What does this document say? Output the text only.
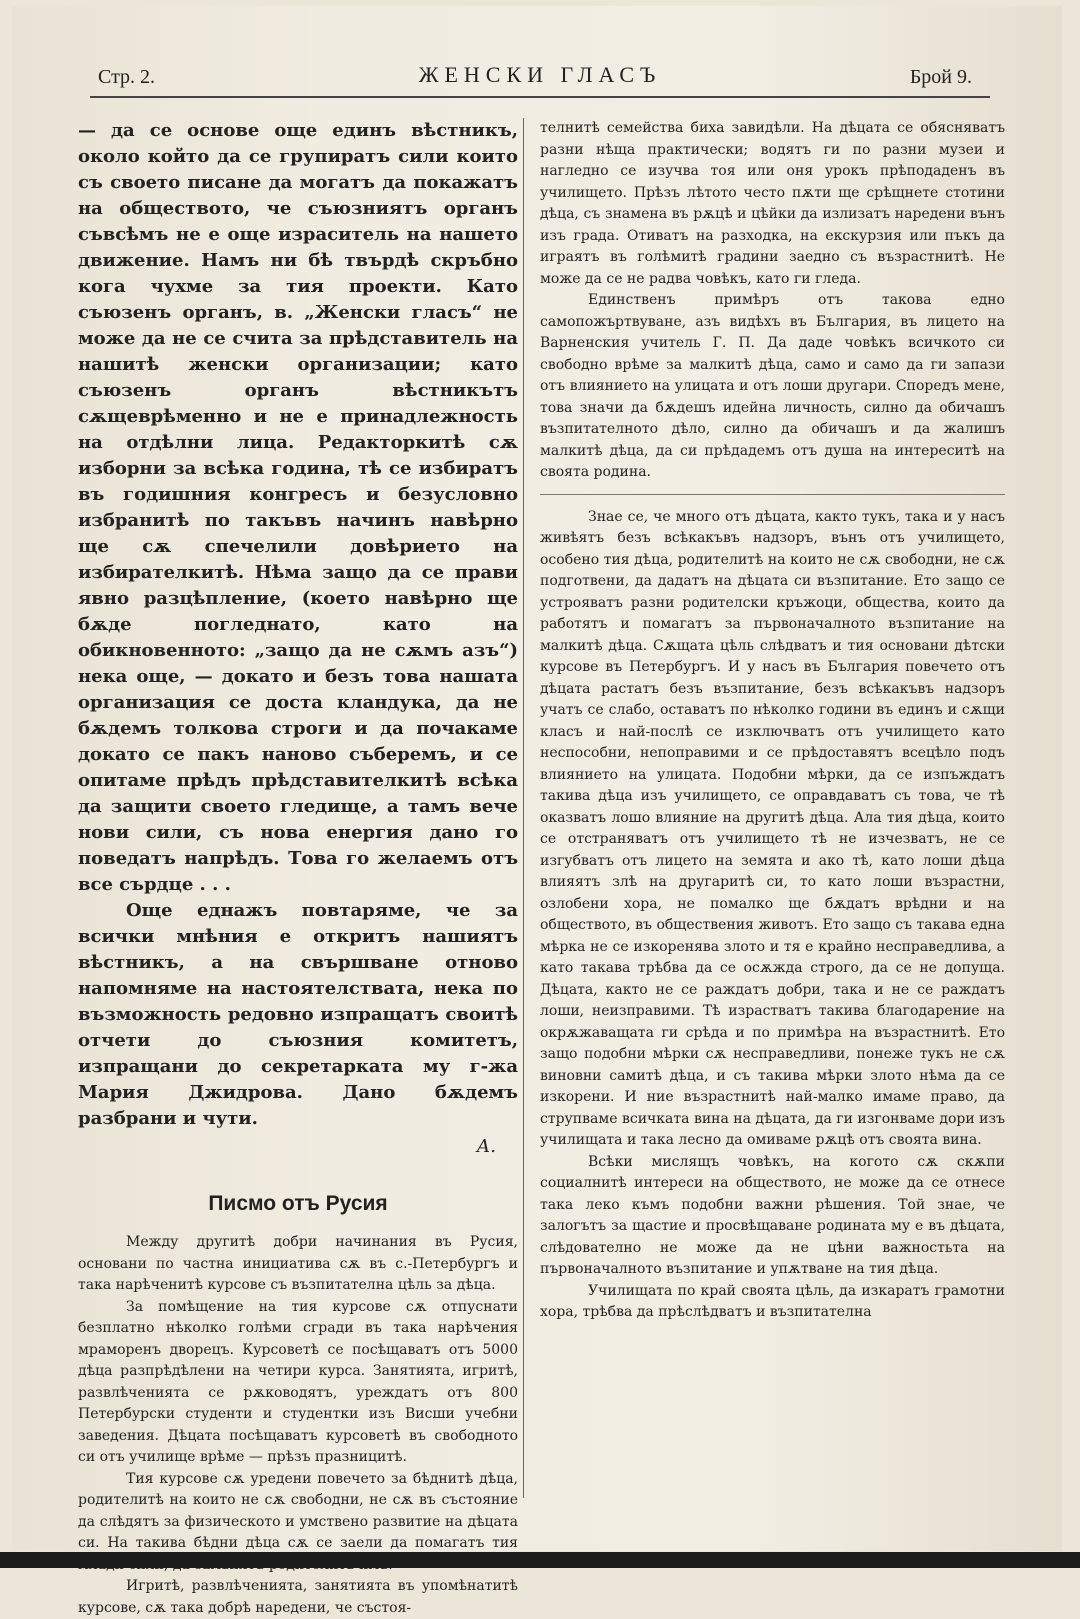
Стр. 2.	ЖЕНСКИ ГЛАСЪ	Брой 9.

— да се основе още единъ вѣстникъ, около който да се групиратъ сили които съ своето писане да могатъ да покажатъ на обществото, че съюзниятъ органъ съвсѣмъ не е още израситель на нашето движение. Намъ ни бѣ твърдѣ скръбно кога чухме за тия проекти. Като съюзенъ органъ, в. „Женски гласъ“ не може да не се счита за прѣдставитель на нашитѣ женски организации; като съюзенъ органъ вѣстникътъ сѫщеврѣменно и не е принадлежность на отдѣлни лица. Редакторкитѣ сѫ изборни за всѣка година, тѣ се избиратъ въ годишния конгресъ и безусловно избранитѣ по такъвъ начинъ навѣрно ще сѫ спечелили довѣрието на избирателкитѣ. Нѣма защо да се прави явно разцѣпление, (което навѣрно ще бѫде погледнато, като на обикновенното: „защо да не сѫмъ азъ“) нека още, — докато и безъ това нашата организация се доста клaндука, да не бѫдемъ толкова строги и да почакаме докато се пакъ наново съберемъ, и се опитаме прѣдъ прѣдставителкитѣ всѣка да защити своето глeдище, а тамъ вече нови сили, съ нова енергия дано го поведатъ напрѣдъ. Това го желаемъ отъ все сърдце . . .

Още еднажъ повтаряме, че за всички мнѣния е откритъ нашиятъ вѣстникъ, а на свършване отново напомняме на настоятелствата, нека по възможность редовно изпращатъ своитѣ отчети до съюзния комитетъ, изпращани до секретарката му г-жа Мария Джидрова. Дано бѫдемъ разбрани и чути.

А.
Писмо отъ Русия

Между другитѣ добри начинания въ Русия, основани по частна инициатива сѫ въ с.-Петербургъ и така нарѣченитѣ курсове съ възпитателна цѣль за дѣца.

За помѣщение на тия курсове сѫ отпуснати безплатно нѣколко голѣми сгради въ така нарѣчения мраморенъ дворецъ. Курсоветѣ се посѣщаватъ отъ 5000 дѣца разпрѣдѣлени на четири курса. Занятията, игритѣ, развлѣченията се рѫководятъ, уреждатъ отъ 800 Петербурски студенти и студентки изъ Висши учебни заведения. Дѣцата посѣщаватъ курсоветѣ въ свободното си отъ училище врѣме — прѣзъ празницитѣ.

Тия курсове сѫ уредени повечето за бѣднитѣ дѣца, родителитѣ на които не сѫ свободни, не сѫ въ състояние да слѣдятъ за физическото и умствено развитие на дѣцата си. На такива бѣдни дѣца сѫ се заели да помагатъ тия

Игритѣ, развлѣченията, занятията въ упомѣнатитѣ курсове, сѫ така добрѣ наредени, че състоя-

телнитѣ семейства биха завидѣли. На дѣцата се обясняватъ разни нѣща практически; водятъ ги по разни музеи и нагледно се изучва тоя или оня урокъ прѣподаденъ въ училището. Прѣзъ лѣтото често пѫти ще срѣщнете стотини дѣца, съ знамена въ рѫцѣ и цѣйки да излизатъ наредени вънъ изъ града. Отиватъ на разходка, на екскурзия или пъкъ да играятъ въ голѣмитѣ градини заедно съ възрастнитѣ. Не може да се не радва човѣкъ, като ги гледа.

Единственъ примѣръ отъ такова едно самопожъртвуване, азъ видѣхъ въ България, въ лицето на Варненския учитель Г. П. Да даде човѣкъ всичкото си свободно врѣме за малкитѣ дѣца, само и само да ги запази отъ влиянието на улицата и отъ лоши другари. Споредъ мене, това значи да бѫдешъ идейна личность, силно да обичашъ възпитателното дѣло, силно да обичашъ и да жалишъ малкитѣ дѣца, да си прѣдадемъ отъ душа на интереситѣ на своята родина.

Знае се, че много отъ дѣцата, както тукъ, така и у насъ живѣятъ безъ всѣкакъвъ надзоръ, вънъ отъ училището, особено тия дѣца, родителитѣ на които не сѫ свободни, не сѫ подготвени, да дадатъ на дѣцата си възпитание. Ето защо се устрояватъ разни родителски кръжоци, общества, които да работятъ и помагатъ за първоначалното възпитание на малкитѣ дѣца. Сѫщата цѣль слѣдватъ и тия основани дѣтски курсове въ Петербургъ. И у насъ въ България повечето отъ дѣцата растатъ безъ възпитание, безъ всѣкакъвъ надзоръ учатъ се слабо, оставатъ по нѣколко години въ единъ и сѫщи класъ и най-послѣ се изключватъ отъ училището като неспособни, непоправими и се прѣдоставятъ всецѣло подъ влиянието на улицата. Подобни мѣрки, да се изпъждатъ такива дѣца изъ училището, се оправдаватъ съ това, че тѣ оказватъ лошо влияние на другитѣ дѣца. Ала тия дѣца, които се отстраняватъ отъ училището тѣ не изчезватъ, не се изгубватъ отъ лицето на земята и ако тѣ, като лоши дѣца влияятъ злѣ на другаритѣ си, то като лоши възрастни, озлобени хора, не помалко ще бѫдатъ врѣдни и на обществото, въ обществения животъ. Ето защо съ такава една мѣрка не се изкоренява злото и тя е крайно несправедлива, а като такава трѣбва да се осѫжда строго, да се не допуща. Дѣцата, както не се раждатъ добри, така и не се раждатъ лоши, неизправими. Тѣ израстватъ такива благодарение на окрѫжаващата ги срѣда и по примѣра на възрастнитѣ. Ето защо подобни мѣрки сѫ несправедливи, понеже тукъ не сѫ виновни самитѣ дѣца, и съ такива мѣрки злото нѣма да се изкорени. И ние възрастнитѣ най-малко имаме право, да струпваме всичката вина на дѣцата, да ги изгонваме дори изъ училищата и така лесно да омиваме рѫцѣ отъ своята вина.

Всѣки мислящъ човѣкъ, на когото сѫ скѫпи социалнитѣ интереси на обществото, не може да се отнесе така леко къмъ подобни важни рѣшения. Той знае, че залогътъ за щастие и просвѣщаване родината му е въ дѣцата, слѣдователно не може да не цѣни важностьта на първоначалното възпитание и упѫтване на тия дѣца.

Училищата по край своята цѣль, да изкаратъ грамотни хора, трѣбва да прѣслѣдватъ и възпитателна
